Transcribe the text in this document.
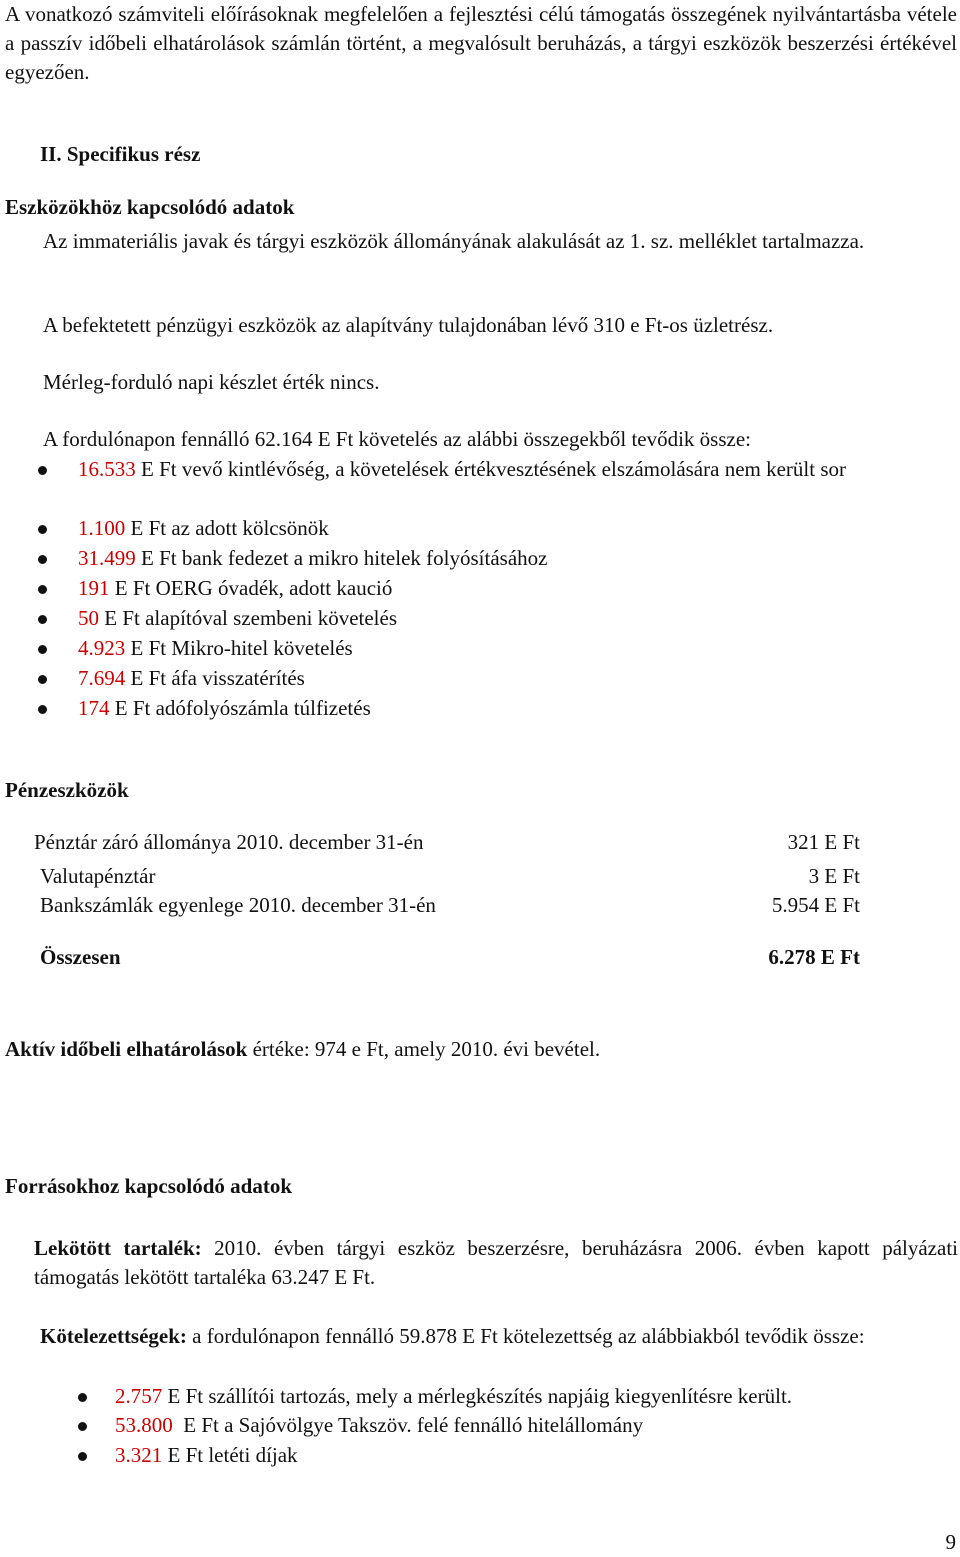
A vonatkozó számviteli előírásoknak megfelelően a fejlesztési célú támogatás összegének nyilvántartásba vétele a passzív időbeli elhatárolások számlán történt, a megvalósult beruházás, a tárgyi eszközök beszerzési értékével egyezően.
II. Specifikus rész
Eszközökhöz kapcsolódó adatok
Az immateriális javak és tárgyi eszközök állományának alakulását az 1. sz. melléklet tartalmazza.
A befektetett pénzügyi eszközök az alapítvány tulajdonában lévő 310 e Ft-os üzletrész.
Mérleg-forduló napi készlet érték nincs.
A fordulónapon fennálló 62.164 E Ft követelés az alábbi összegekből tevődik össze:
16.533 E Ft vevő kintlévőség, a követelések értékvesztésének elszámolására nem került sor
1.100 E Ft az adott kölcsönök
31.499 E Ft bank fedezet a mikro hitelek folyósításához
191 E Ft OERG óvadék, adott kaució
50 E Ft alapítóval szembeni követelés
4.923 E Ft Mikro-hitel követelés
7.694 E Ft áfa visszatérítés
174 E Ft adófolyószámla túlfizetés
Pénzeszközök
Pénztár záró állománya 2010. december 31-én	321 E Ft
Valutapénztár	3 E Ft
Bankszámlák egyenlege 2010. december 31-én	5.954 E Ft
Összesen	6.278 E Ft
Aktív időbeli elhatárolások értéke: 974 e Ft, amely 2010. évi bevétel.
Forrásokhoz kapcsolódó adatok
Lekötött tartalék: 2010. évben tárgyi eszköz beszerzésre, beruházásra 2006. évben kapott pályázati támogatás lekötött tartaléka 63.247 E Ft.
Kötelezettségek: a fordulónapon fennálló 59.878 E Ft kötelezettség az alábbiakból tevődik össze:
2.757 E Ft szállítói tartozás, mely a mérlegkészítés napjáig kiegyenlítésre került.
53.800  E Ft a Sajóvölgye Takszöv. felé fennálló hitelállomány
3.321 E Ft letéti díjak
9
